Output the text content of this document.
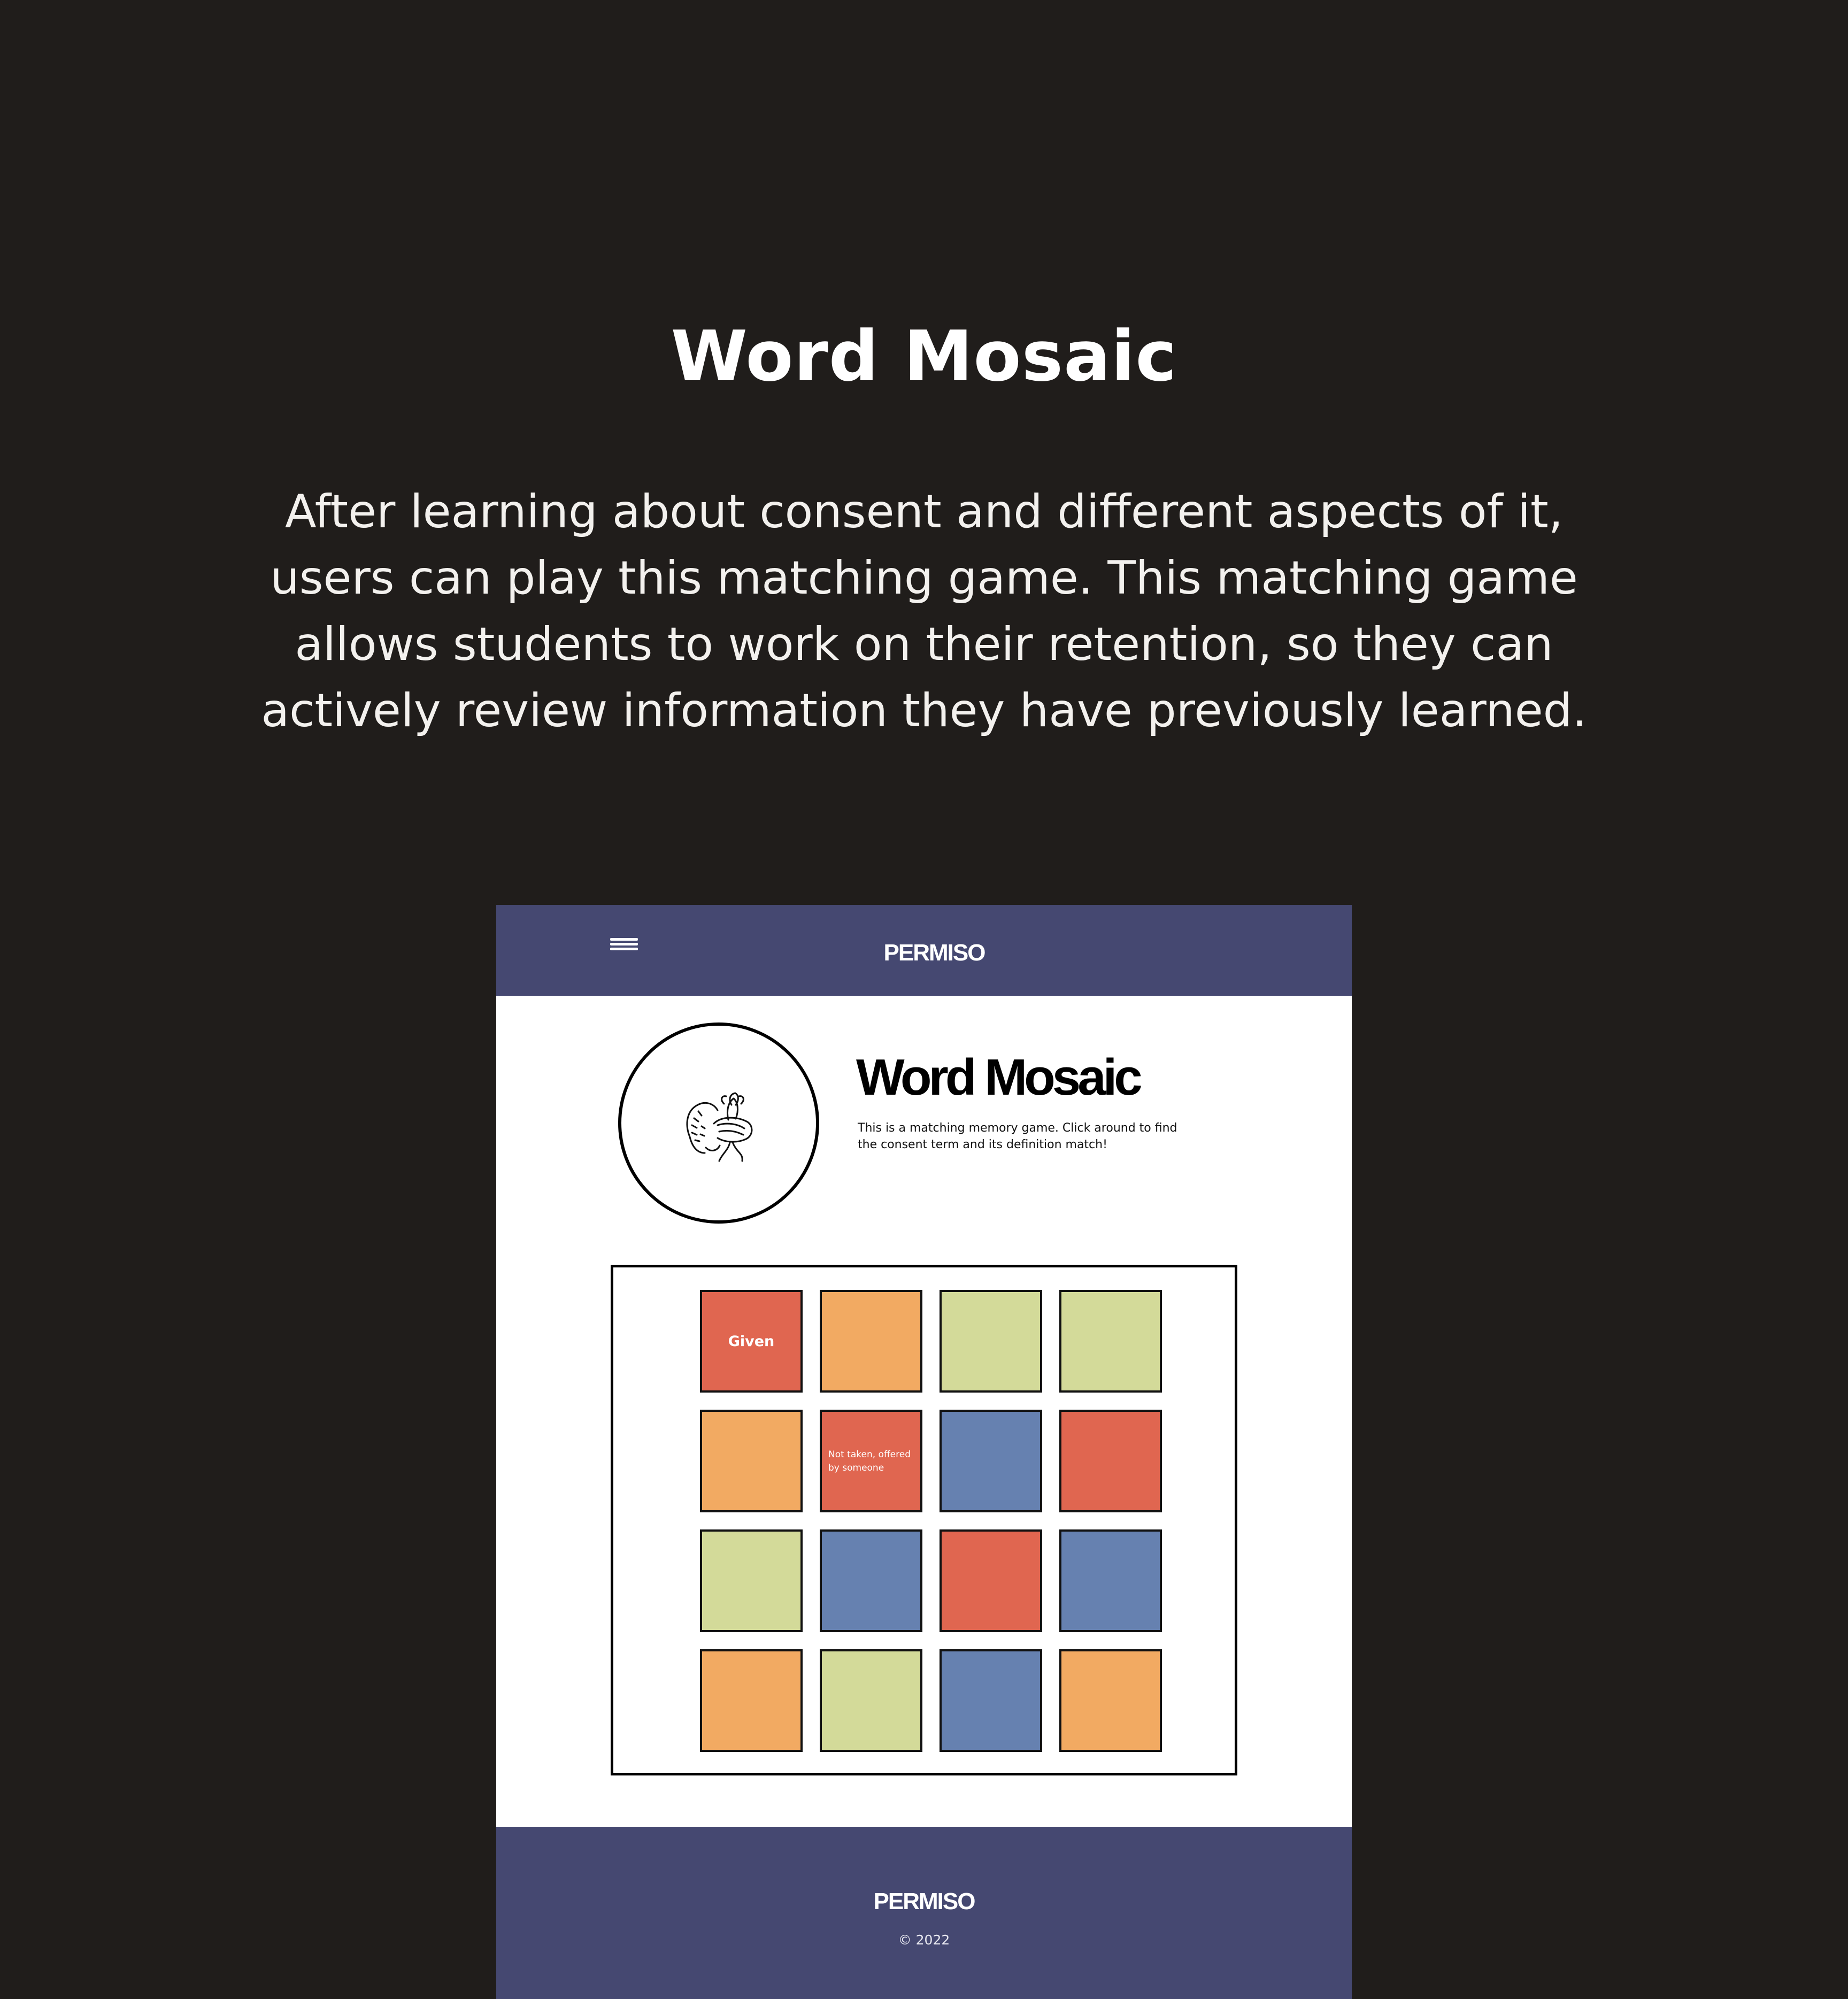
Word Mosaic

After learning about consent and different aspects of it, users can play this matching game. This matching game allows students to work on their retention, so they can actively review information they have previously learned.

PERMISO
Word Mosaic
This is a matching memory game. Click around to find the consent term and its definition match!
Given
Not taken, offered by someone
PERMISO
© 2022
